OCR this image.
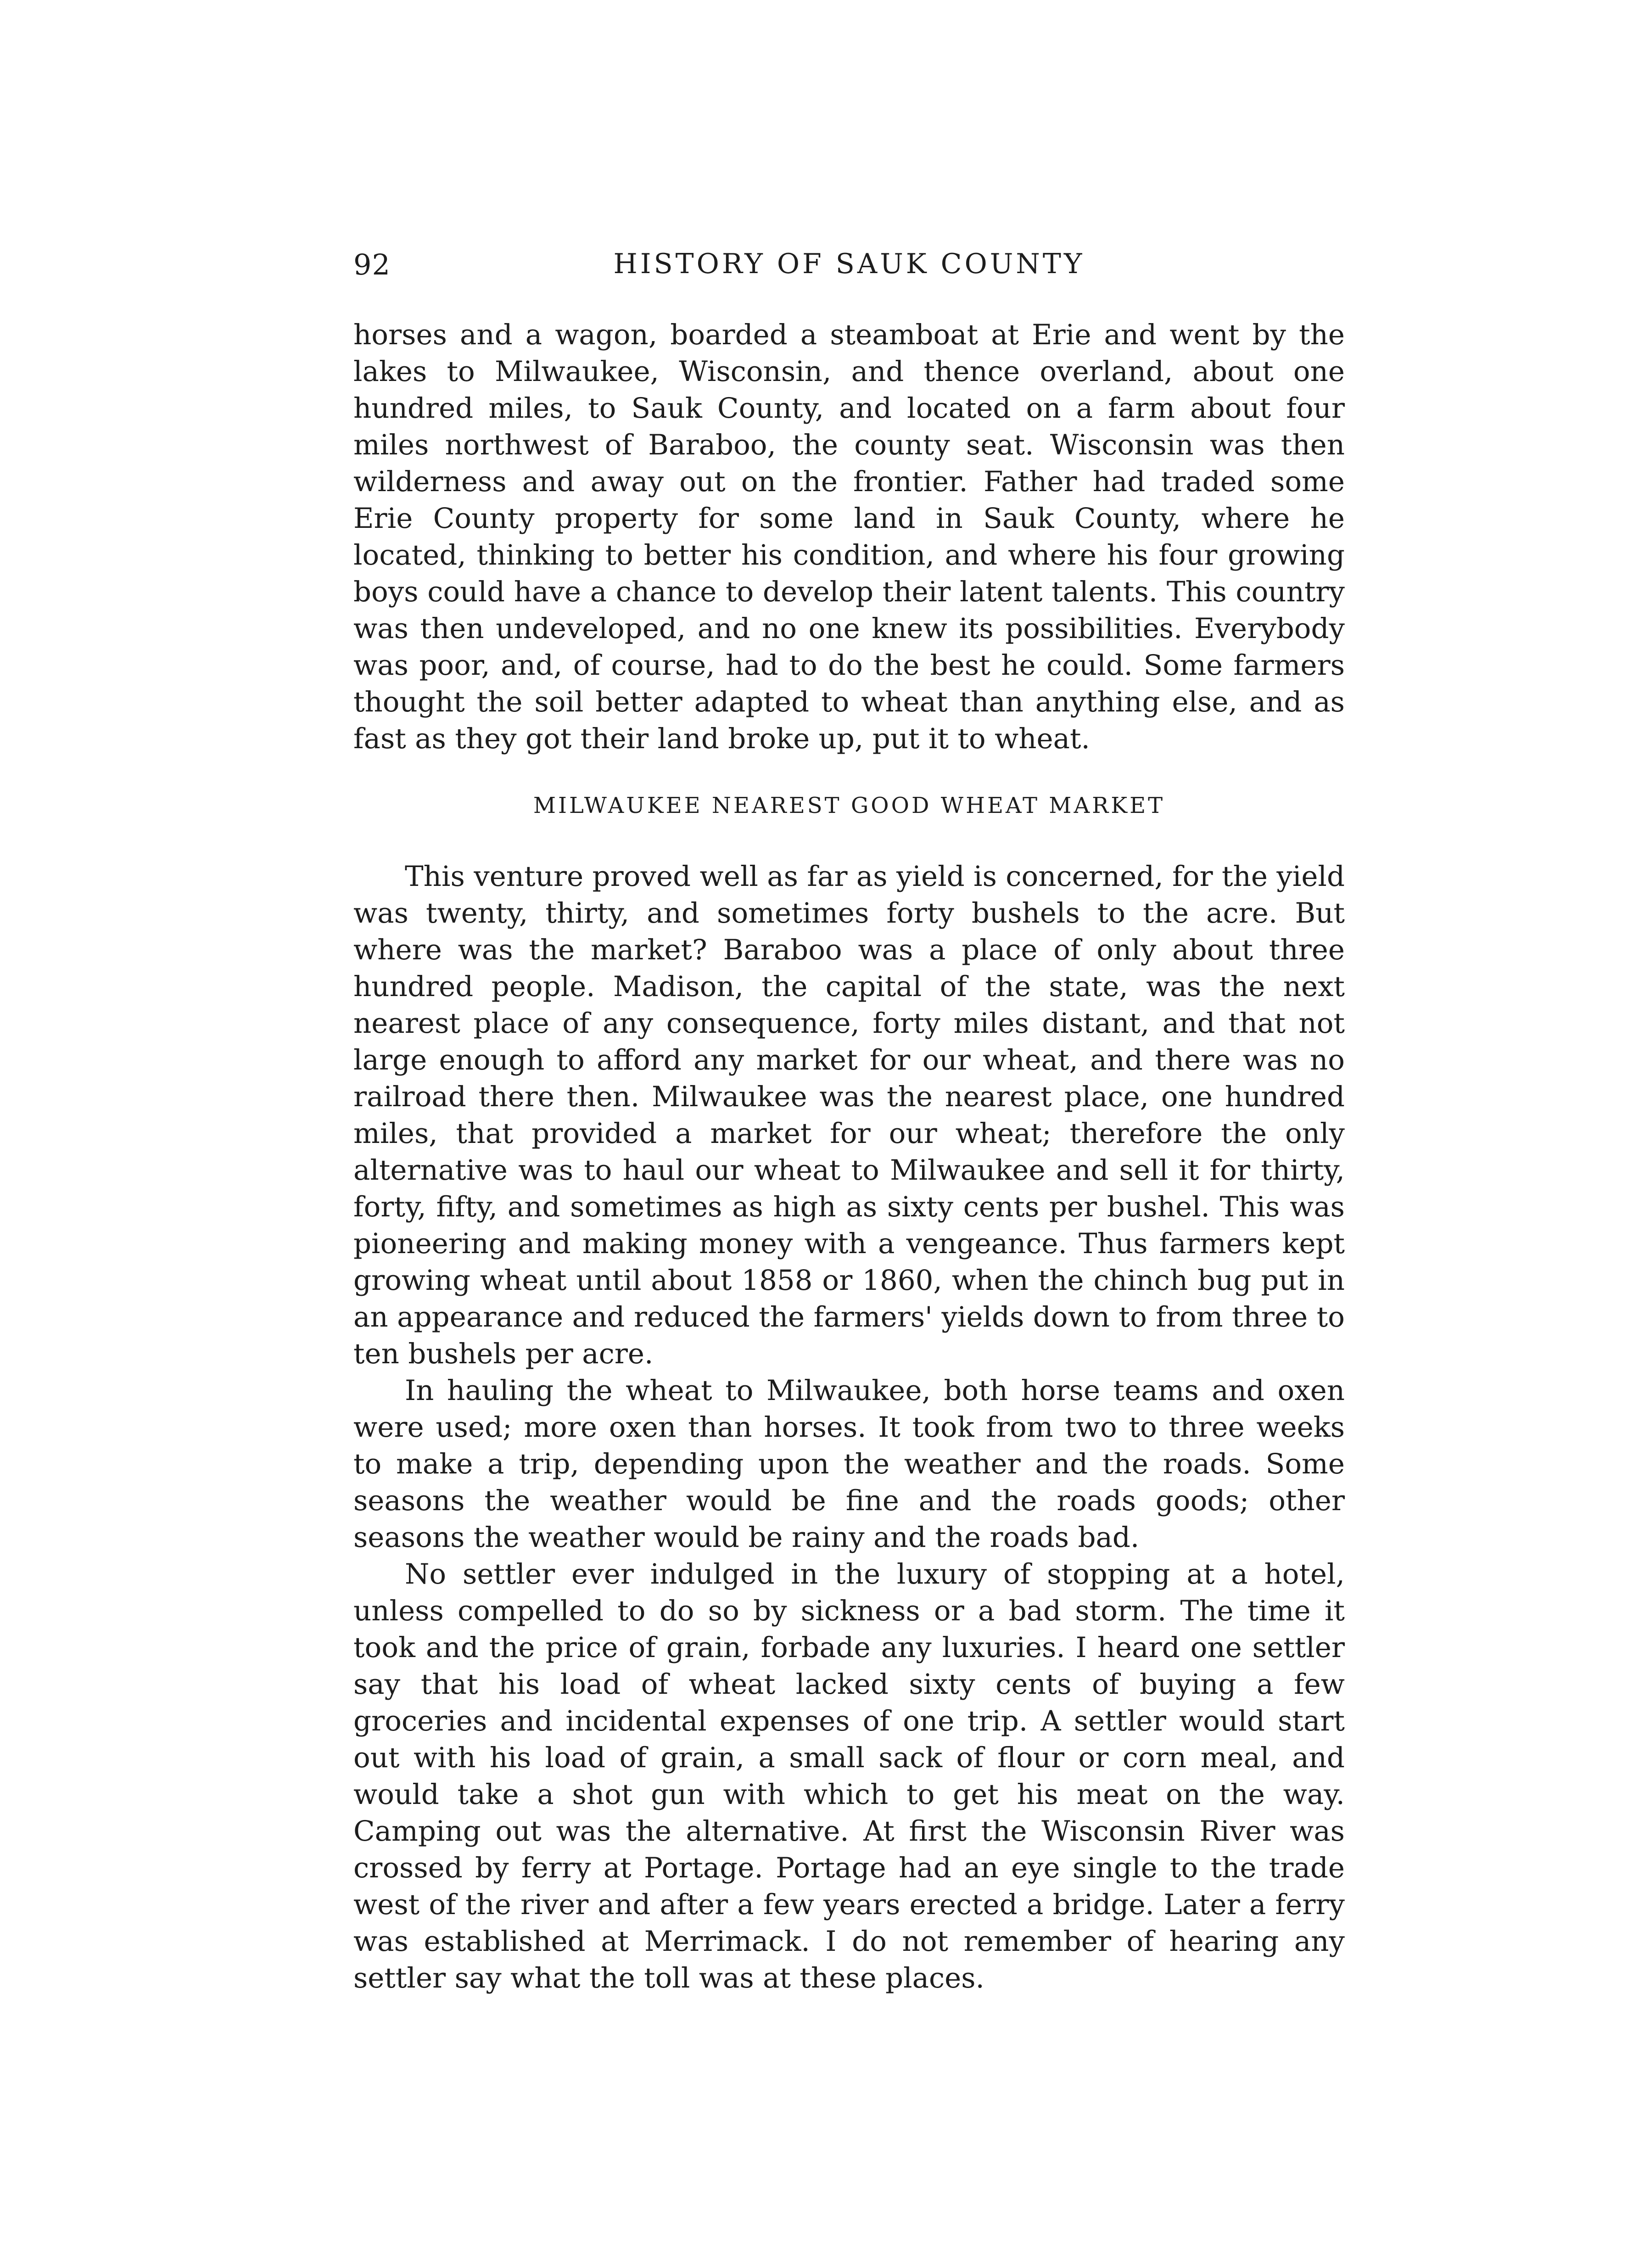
92	HISTORY OF SAUK COUNTY

horses and a wagon, boarded a steamboat at Erie and went by the lakes to Milwaukee, Wisconsin, and thence overland, about one hundred miles, to Sauk County, and located on a farm about four miles northwest of Baraboo, the county seat. Wisconsin was then wilderness and away out on the frontier. Father had traded some Erie County property for some land in Sauk County, where he located, thinking to better his condition, and where his four growing boys could have a chance to develop their latent talents. This country was then undeveloped, and no one knew its possibilities. Everybody was poor, and, of course, had to do the best he could. Some farmers thought the soil better adapted to wheat than anything else, and as fast as they got their land broke up, put it to wheat.

MILWAUKEE NEAREST GOOD WHEAT MARKET

This venture proved well as far as yield is concerned, for the yield was twenty, thirty, and sometimes forty bushels to the acre. But where was the market? Baraboo was a place of only about three hundred people. Madison, the capital of the state, was the next nearest place of any consequence, forty miles distant, and that not large enough to afford any market for our wheat, and there was no railroad there then. Milwaukee was the nearest place, one hundred miles, that provided a market for our wheat; therefore the only alternative was to haul our wheat to Milwaukee and sell it for thirty, forty, fifty, and sometimes as high as sixty cents per bushel. This was pioneering and making money with a vengeance. Thus farmers kept growing wheat until about 1858 or 1860, when the chinch bug put in an appearance and reduced the farmers' yields down to from three to ten bushels per acre.

In hauling the wheat to Milwaukee, both horse teams and oxen were used; more oxen than horses. It took from two to three weeks to make a trip, depending upon the weather and the roads. Some seasons the weather would be fine and the roads goods; other seasons the weather would be rainy and the roads bad.

No settler ever indulged in the luxury of stopping at a hotel, unless compelled to do so by sickness or a bad storm. The time it took and the price of grain, forbade any luxuries. I heard one settler say that his load of wheat lacked sixty cents of buying a few groceries and incidental expenses of one trip. A settler would start out with his load of grain, a small sack of flour or corn meal, and would take a shot gun with which to get his meat on the way. Camping out was the alternative. At first the Wisconsin River was crossed by ferry at Portage. Portage had an eye single to the trade west of the river and after a few years erected a bridge. Later a ferry was established at Merrimack. I do not remember of hearing any settler say what the toll was at these places.
